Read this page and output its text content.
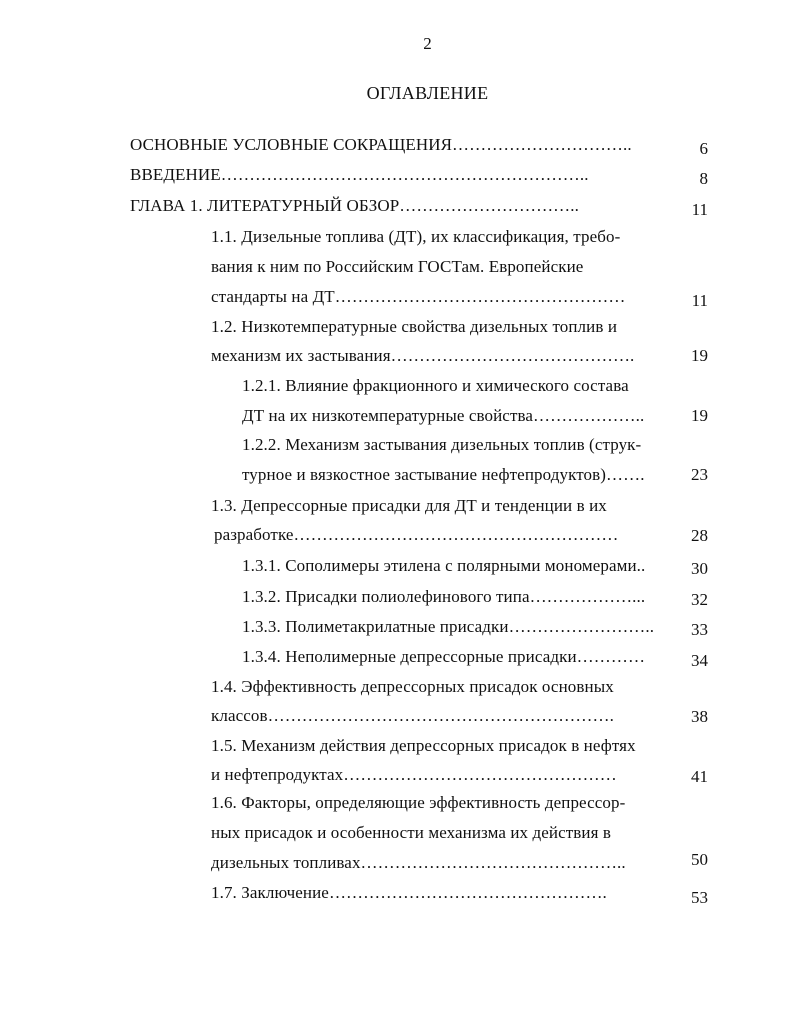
2
ОГЛАВЛЕНИЕ
ОСНОВНЫЕ УСЛОВНЫЕ СОКРАЩЕНИЯ…………………………..	6
ВВЕДЕНИЕ………………………………………………………..	8
ГЛАВА 1. ЛИТЕРАТУРНЫЙ ОБЗОР…………………………..	11
1.1. Дизельные топлива (ДТ), их классификация, требо-
вания к ним по Российским ГОСТам. Европейские
стандарты на ДТ……………………………………………	11
1.2. Низкотемпературные свойства дизельных топлив и
механизм их застывания…………………………………….	19
1.2.1. Влияние фракционного и химического состава
ДТ на их низкотемпературные свойства………………..	19
1.2.2. Механизм застывания дизельных топлив (струк-
турное и вязкостное застывание нефтепродуктов)…….	23
1.3. Депрессорные присадки для ДТ и тенденции в их
разработке…………………………………………………	28
1.3.1. Сополимеры этилена с полярными мономерами..	30
1.3.2. Присадки полиолефинового типа………………...	32
1.3.3. Полиметакрилатные присадки……………………..	33
1.3.4. Неполимерные депрессорные присадки…………	34
1.4. Эффективность депрессорных присадок основных
классов…………………………………………………….	38
1.5. Механизм действия депрессорных присадок в нефтях
и нефтепродуктах…………………………………………	41
1.6. Факторы, определяющие эффективность депрессор-
ных присадок и особенности механизма их действия в
дизельных топливах………………………………………..	50
1.7. Заключение………………………………………….	53
